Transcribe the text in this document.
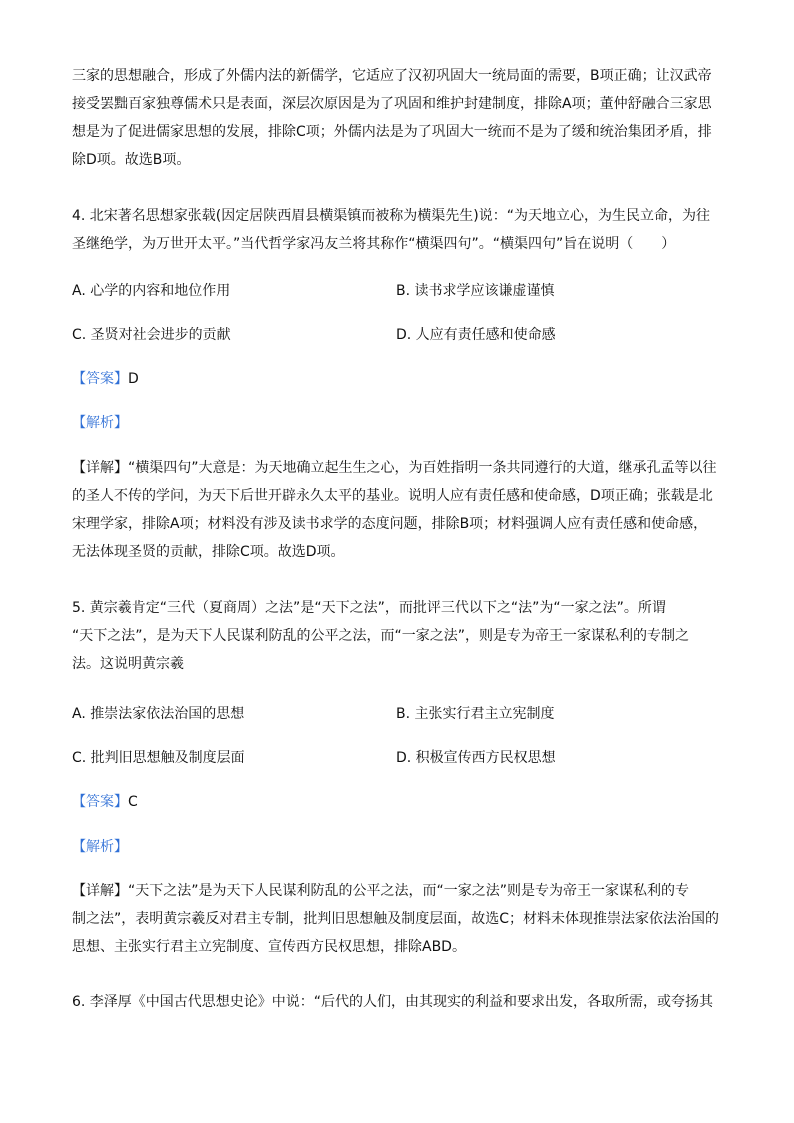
三家的思想融合，形成了外儒内法的新儒学，它适应了汉初巩固大一统局面的需要，B项正确；让汉武帝
接受罢黜百家独尊儒术只是表面，深层次原因是为了巩固和维护封建制度，排除A项；董仲舒融合三家思
想是为了促进儒家思想的发展，排除C项；外儒内法是为了巩固大一统而不是为了缓和统治集团矛盾，排
除D项。故选B项。
4. 北宋著名思想家张载(因定居陕西眉县横渠镇而被称为横渠先生)说：“为天地立心，为生民立命，为往
圣继绝学，为万世开太平。”当代哲学家冯友兰将其称作“横渠四句”。“横渠四句”旨在说明（　　）
A. 心学的内容和地位作用	B. 读书求学应该谦虚谨慎
C. 圣贤对社会进步的贡献	D. 人应有责任感和使命感
【答案】D
【解析】
【详解】“横渠四句”大意是：为天地确立起生生之心，为百姓指明一条共同遵行的大道，继承孔孟等以往
的圣人不传的学问，为天下后世开辟永久太平的基业。说明人应有责任感和使命感，D项正确；张载是北
宋理学家，排除A项；材料没有涉及读书求学的态度问题，排除B项；材料强调人应有责任感和使命感，
无法体现圣贤的贡献，排除C项。故选D项。
5. 黄宗羲肯定“三代（夏商周）之法”是“天下之法”，而批评三代以下之“法”为“一家之法”。所谓
“天下之法”，是为天下人民谋利防乱的公平之法，而“一家之法”，则是专为帝王一家谋私利的专制之
法。这说明黄宗羲
A. 推崇法家依法治国的思想	B. 主张实行君主立宪制度
C. 批判旧思想触及制度层面	D. 积极宣传西方民权思想
【答案】C
【解析】
【详解】“天下之法”是为天下人民谋利防乱的公平之法，而“一家之法”则是专为帝王一家谋私利的专
制之法”，表明黄宗羲反对君主专制，批判旧思想触及制度层面，故选C；材料未体现推崇法家依法治国的
思想、主张实行君主立宪制度、宣传西方民权思想，排除ABD。
6. 李泽厚《中国古代思想史论》中说：“后代的人们，由其现实的利益和要求出发，各取所需，或夸扬其
